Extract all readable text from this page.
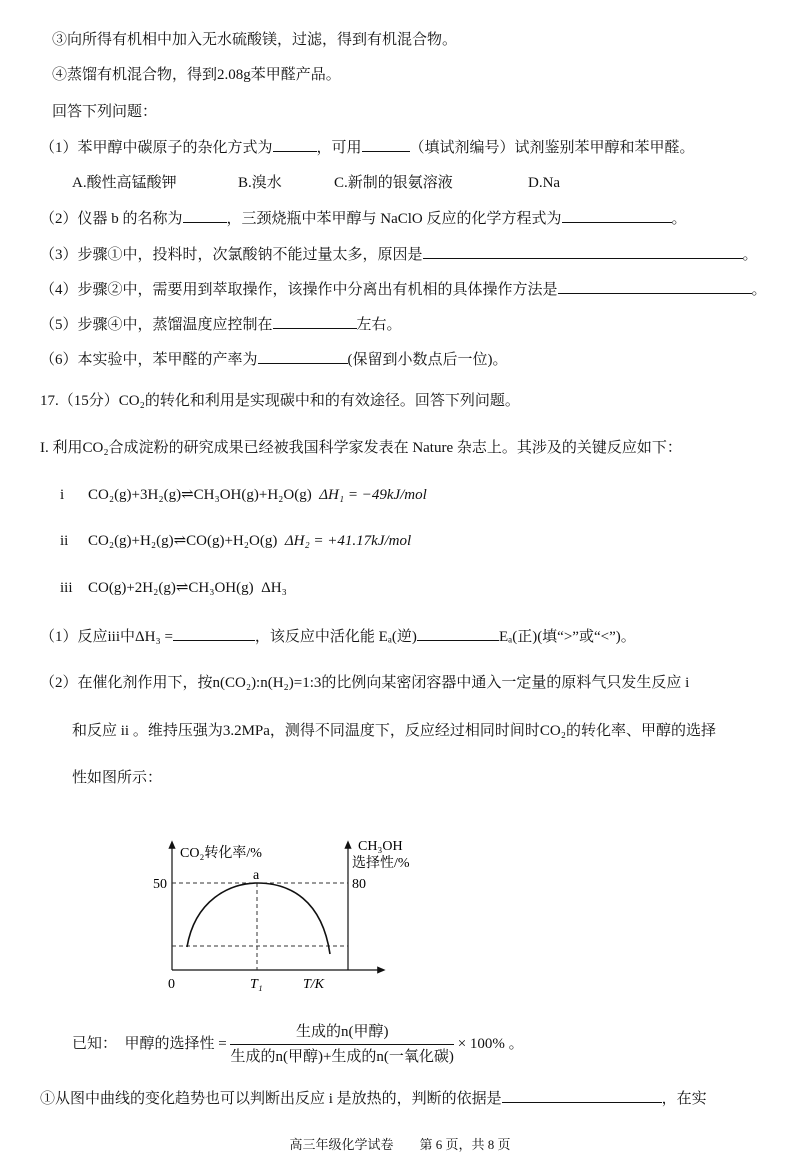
③向所得有机相中加入无水硫酸镁，过滤，得到有机混合物。
④蒸馏有机混合物，得到2.08g苯甲醛产品。
回答下列问题：
（1）苯甲醇中碳原子的杂化方式为	，可用	（填试剂编号）试剂鉴别苯甲醇和苯甲醛。
A.酸性高锰酸钾	B.溴水	C.新制的银氨溶液	D.Na
（2）仪器 b 的名称为	，三颈烧瓶中苯甲醇与 NaClO 反应的化学方程式为	。
（3）步骤①中，投料时，次氯酸钠不能过量太多，原因是	。
（4）步骤②中，需要用到萃取操作，该操作中分离出有机相的具体操作方法是	。
（5）步骤④中，蒸馏温度应控制在	左右。
（6）本实验中，苯甲醛的产率为	(保留到小数点后一位)。
17.（15分）CO₂的转化和利用是实现碳中和的有效途径。回答下列问题。
I. 利用CO₂合成淀粉的研究成果已经被我国科学家发表在 Nature 杂志上。其涉及的关键反应如下：
i CO₂(g)+3H₂(g)⇌CH₃OH(g)+H₂O(g) ΔH₁ = −49kJ/mol
ii CO₂(g)+H₂(g)⇌CO(g)+H₂O(g) ΔH₂ = +41.17kJ/mol
iii CO(g)+2H₂(g)⇌CH₃OH(g) ΔH₃
（1）反应iii中ΔH₃ =	，该反应中活化能 Eₐ(逆)	Eₐ(正)(填“>”或“<”)。
（2）在催化剂作用下，按n(CO₂):n(H₂)=1:3的比例向某密闭容器中通入一定量的原料气只发生反应 i
和反应 ii 。维持压强为3.2MPa，测得不同温度下，反应经过相同时间时CO₂的转化率、甲醇的选择
性如图所示：
CO₂转化率/%	CH₃OH
选择性/%
50	80
a
0	T₁	T/K
已知： 甲醇的选择性 = $\frac{\text{生成的n(甲醇)}}{\text{生成的n(甲醇)+生成的n(一氧化碳)}} \times 100\%$ 。
①从图中曲线的变化趋势也可以判断出反应 i 是放热的，判断的依据是	，在实
高三年级化学试卷　　第 6 页，共 8 页
